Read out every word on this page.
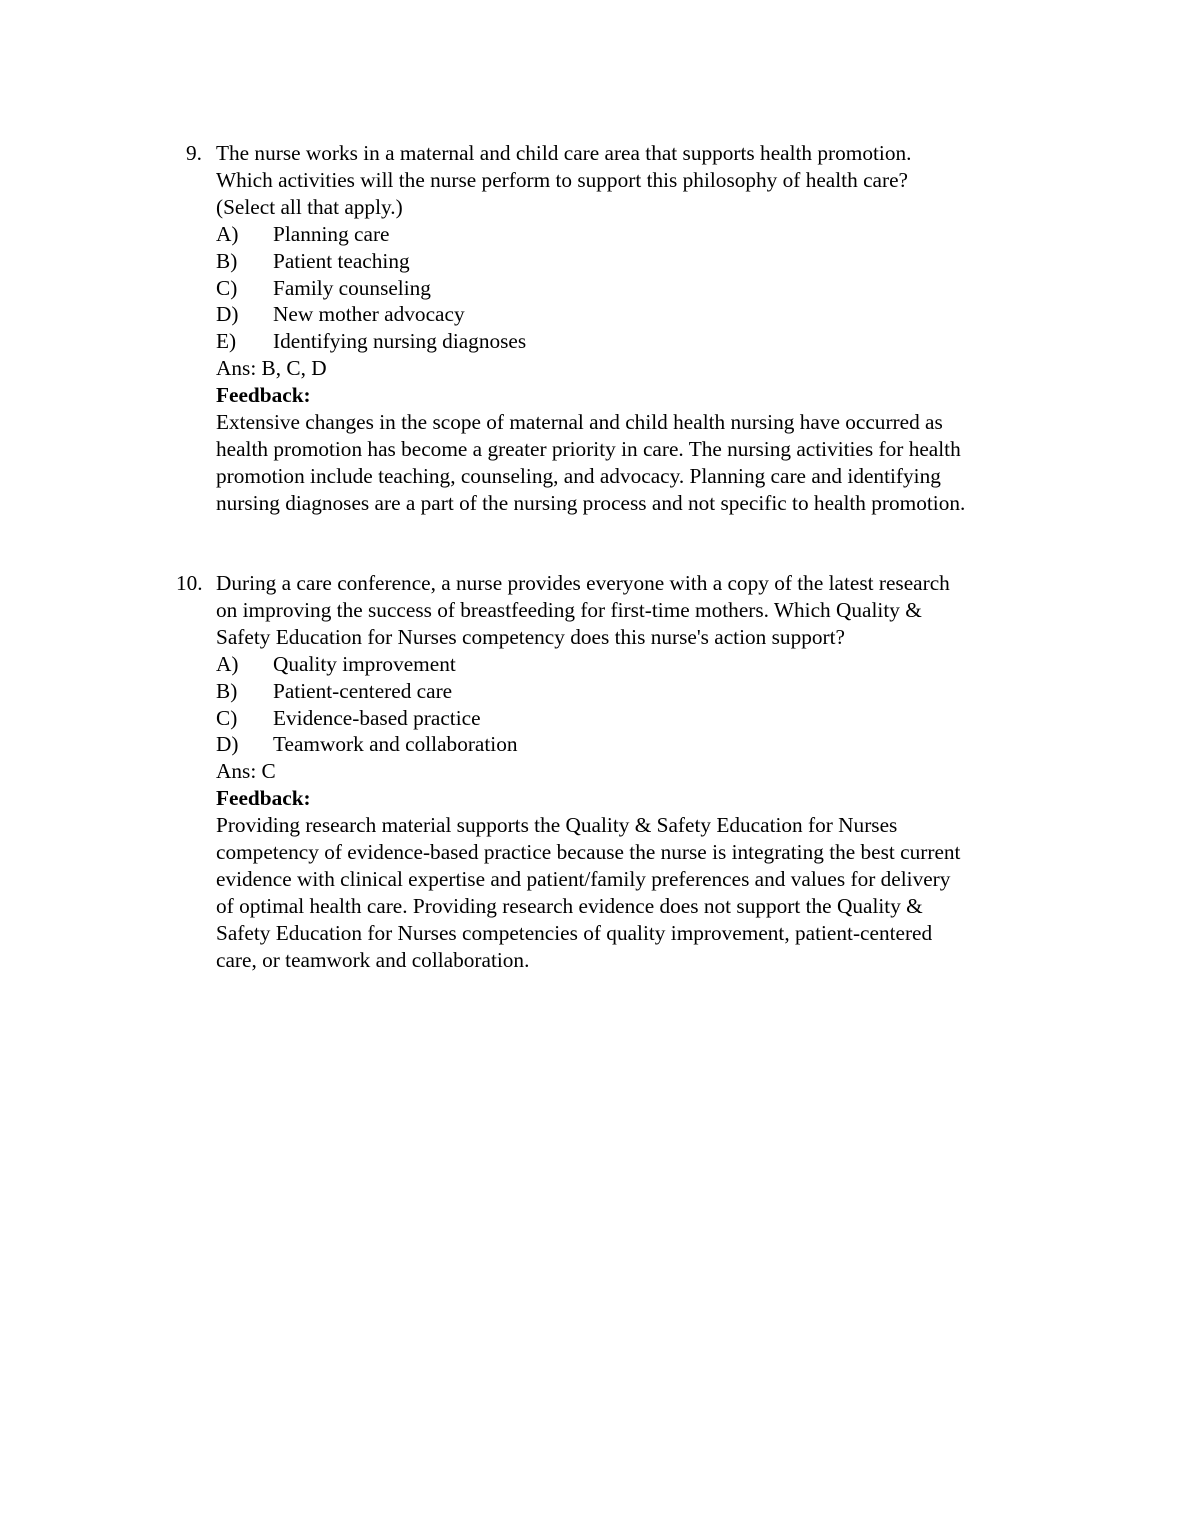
9. The nurse works in a maternal and child care area that supports health promotion.
Which activities will the nurse perform to support this philosophy of health care?
(Select all that apply.)
A) Planning care
B) Patient teaching
C) Family counseling
D) New mother advocacy
E) Identifying nursing diagnoses
Ans: B, C, D
Feedback:
Extensive changes in the scope of maternal and child health nursing have occurred as
health promotion has become a greater priority in care. The nursing activities for health
promotion include teaching, counseling, and advocacy. Planning care and identifying
nursing diagnoses are a part of the nursing process and not specific to health promotion.
10. During a care conference, a nurse provides everyone with a copy of the latest research
on improving the success of breastfeeding for first-time mothers. Which Quality &
Safety Education for Nurses competency does this nurse's action support?
A) Quality improvement
B) Patient-centered care
C) Evidence-based practice
D) Teamwork and collaboration
Ans: C
Feedback:
Providing research material supports the Quality & Safety Education for Nurses
competency of evidence-based practice because the nurse is integrating the best current
evidence with clinical expertise and patient/family preferences and values for delivery
of optimal health care. Providing research evidence does not support the Quality &
Safety Education for Nurses competencies of quality improvement, patient-centered
care, or teamwork and collaboration.
